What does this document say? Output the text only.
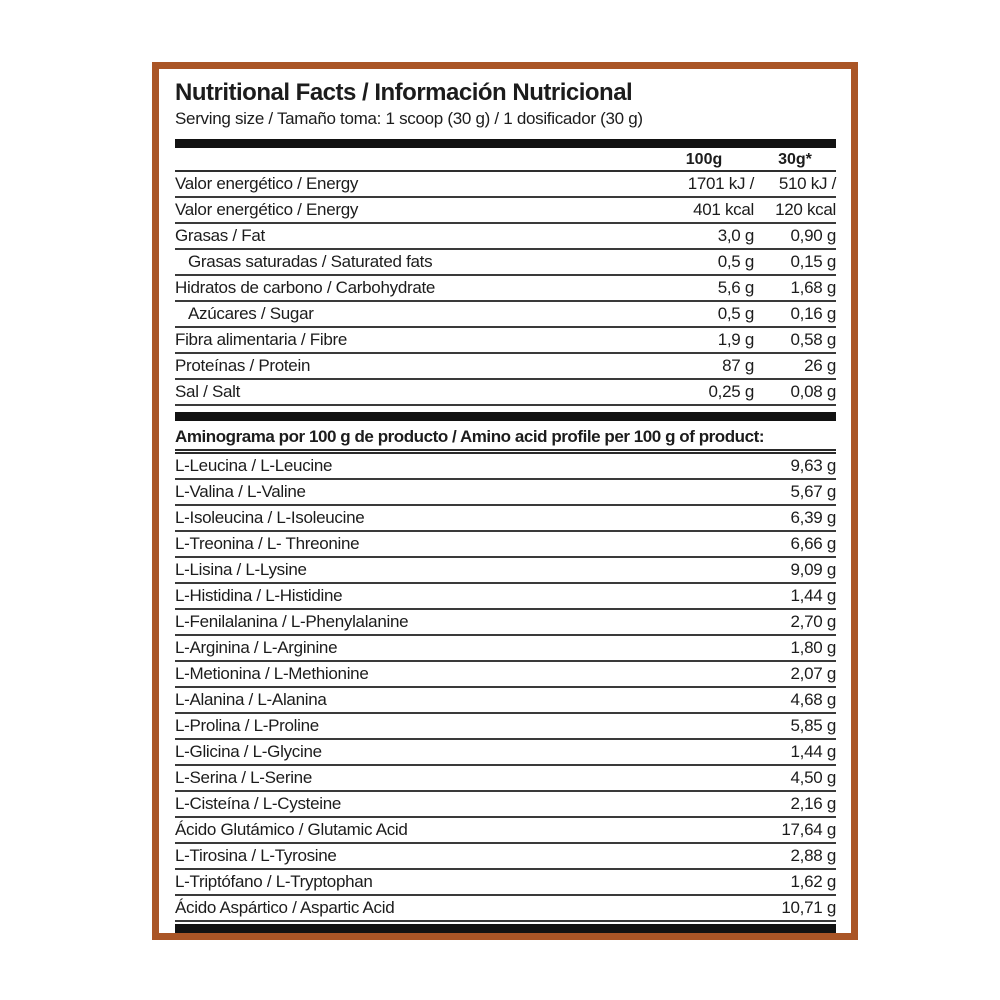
Nutritional Facts / Información Nutricional
Serving size / Tamaño toma: 1 scoop (30 g) / 1 dosificador (30 g)
100g	30g*
Valor energético / Energy	1701 kJ /	510 kJ /
Valor energético / Energy	401 kcal	120 kcal
Grasas / Fat	3,0 g	0,90 g
Grasas saturadas / Saturated fats	0,5 g	0,15 g
Hidratos de carbono / Carbohydrate	5,6 g	1,68 g
Azúcares / Sugar	0,5 g	0,16 g
Fibra alimentaria / Fibre	1,9 g	0,58 g
Proteínas / Protein	87 g	26 g
Sal / Salt	0,25 g	0,08 g
Aminograma por 100 g de producto / Amino acid profile per 100 g of product:
L-Leucina / L-Leucine	9,63 g
L-Valina / L-Valine	5,67 g
L-Isoleucina / L-Isoleucine	6,39 g
L-Treonina / L- Threonine	6,66 g
L-Lisina / L-Lysine	9,09 g
L-Histidina / L-Histidine	1,44 g
L-Fenilalanina / L-Phenylalanine	2,70 g
L-Arginina / L-Arginine	1,80 g
L-Metionina / L-Methionine	2,07 g
L-Alanina / L-Alanina	4,68 g
L-Prolina / L-Proline	5,85 g
L-Glicina / L-Glycine	1,44 g
L-Serina / L-Serine	4,50 g
L-Cisteína / L-Cysteine	2,16 g
Ácido Glutámico / Glutamic Acid	17,64 g
L-Tirosina / L-Tyrosine	2,88 g
L-Triptófano / L-Tryptophan	1,62 g
Ácido Aspártico / Aspartic Acid	10,71 g
